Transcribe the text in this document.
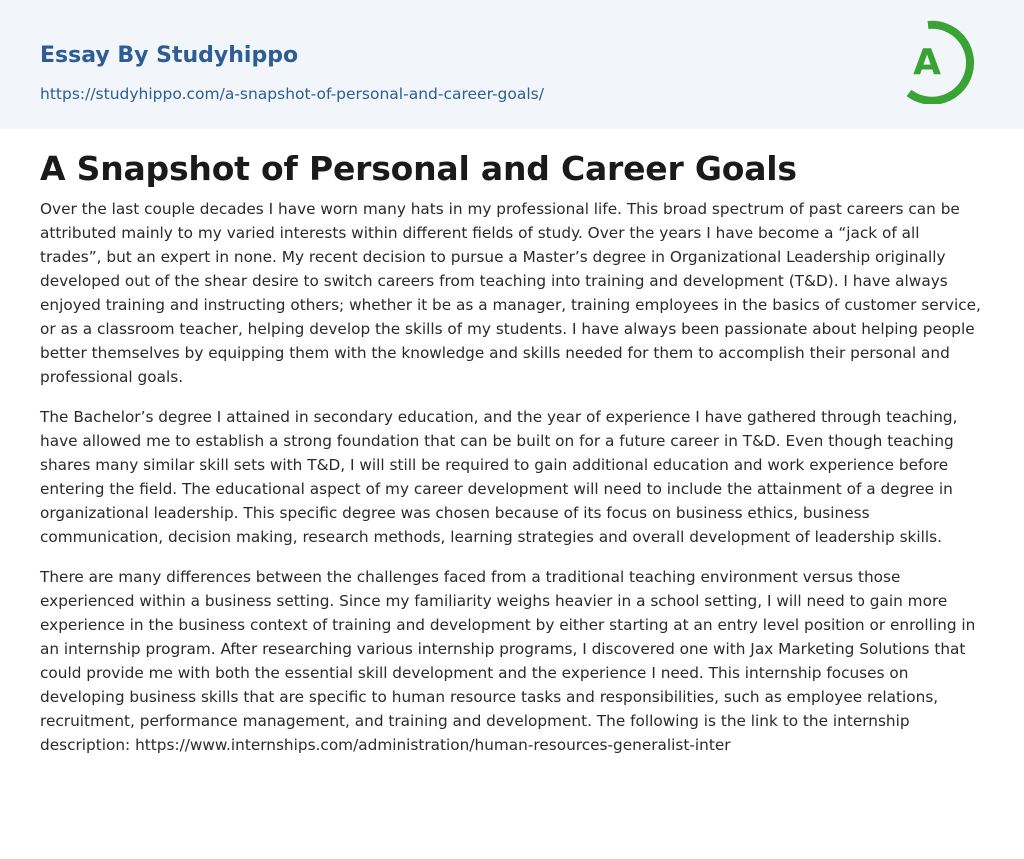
Essay By Studyhippo
https://studyhippo.com/a-snapshot-of-personal-and-career-goals/
A
A Snapshot of Personal and Career Goals

Over the last couple decades I have worn many hats in my professional life. This broad spectrum of past careers can be attributed mainly to my varied interests within different fields of study. Over the years I have become a “jack of all trades”, but an expert in none. My recent decision to pursue a Master’s degree in Organizational Leadership originally developed out of the shear desire to switch careers from teaching into training and development (T&D). I have always enjoyed training and instructing others; whether it be as a manager, training employees in the basics of customer service, or as a classroom teacher, helping develop the skills of my students. I have always been passionate about helping people better themselves by equipping them with the knowledge and skills needed for them to accomplish their personal and professional goals.

The Bachelor’s degree I attained in secondary education, and the year of experience I have gathered through teaching, have allowed me to establish a strong foundation that can be built on for a future career in T&D. Even though teaching shares many similar skill sets with T&D, I will still be required to gain additional education and work experience before entering the field. The educational aspect of my career development will need to include the attainment of a degree in organizational leadership. This specific degree was chosen because of its focus on business ethics, business communication, decision making, research methods, learning strategies and overall development of leadership skills.

There are many differences between the challenges faced from a traditional teaching environment versus those experienced within a business setting. Since my familiarity weighs heavier in a school setting, I will need to gain more experience in the business context of training and development by either starting at an entry level position or enrolling in an internship program. After researching various internship programs, I discovered one with Jax Marketing Solutions that could provide me with both the essential skill development and the experience I need. This internship focuses on developing business skills that are specific to human resource tasks and responsibilities, such as employee relations, recruitment, performance management, and training and development. The following is the link to the internship description: https://www.internships.com/administration/human-resources-generalist-inter
